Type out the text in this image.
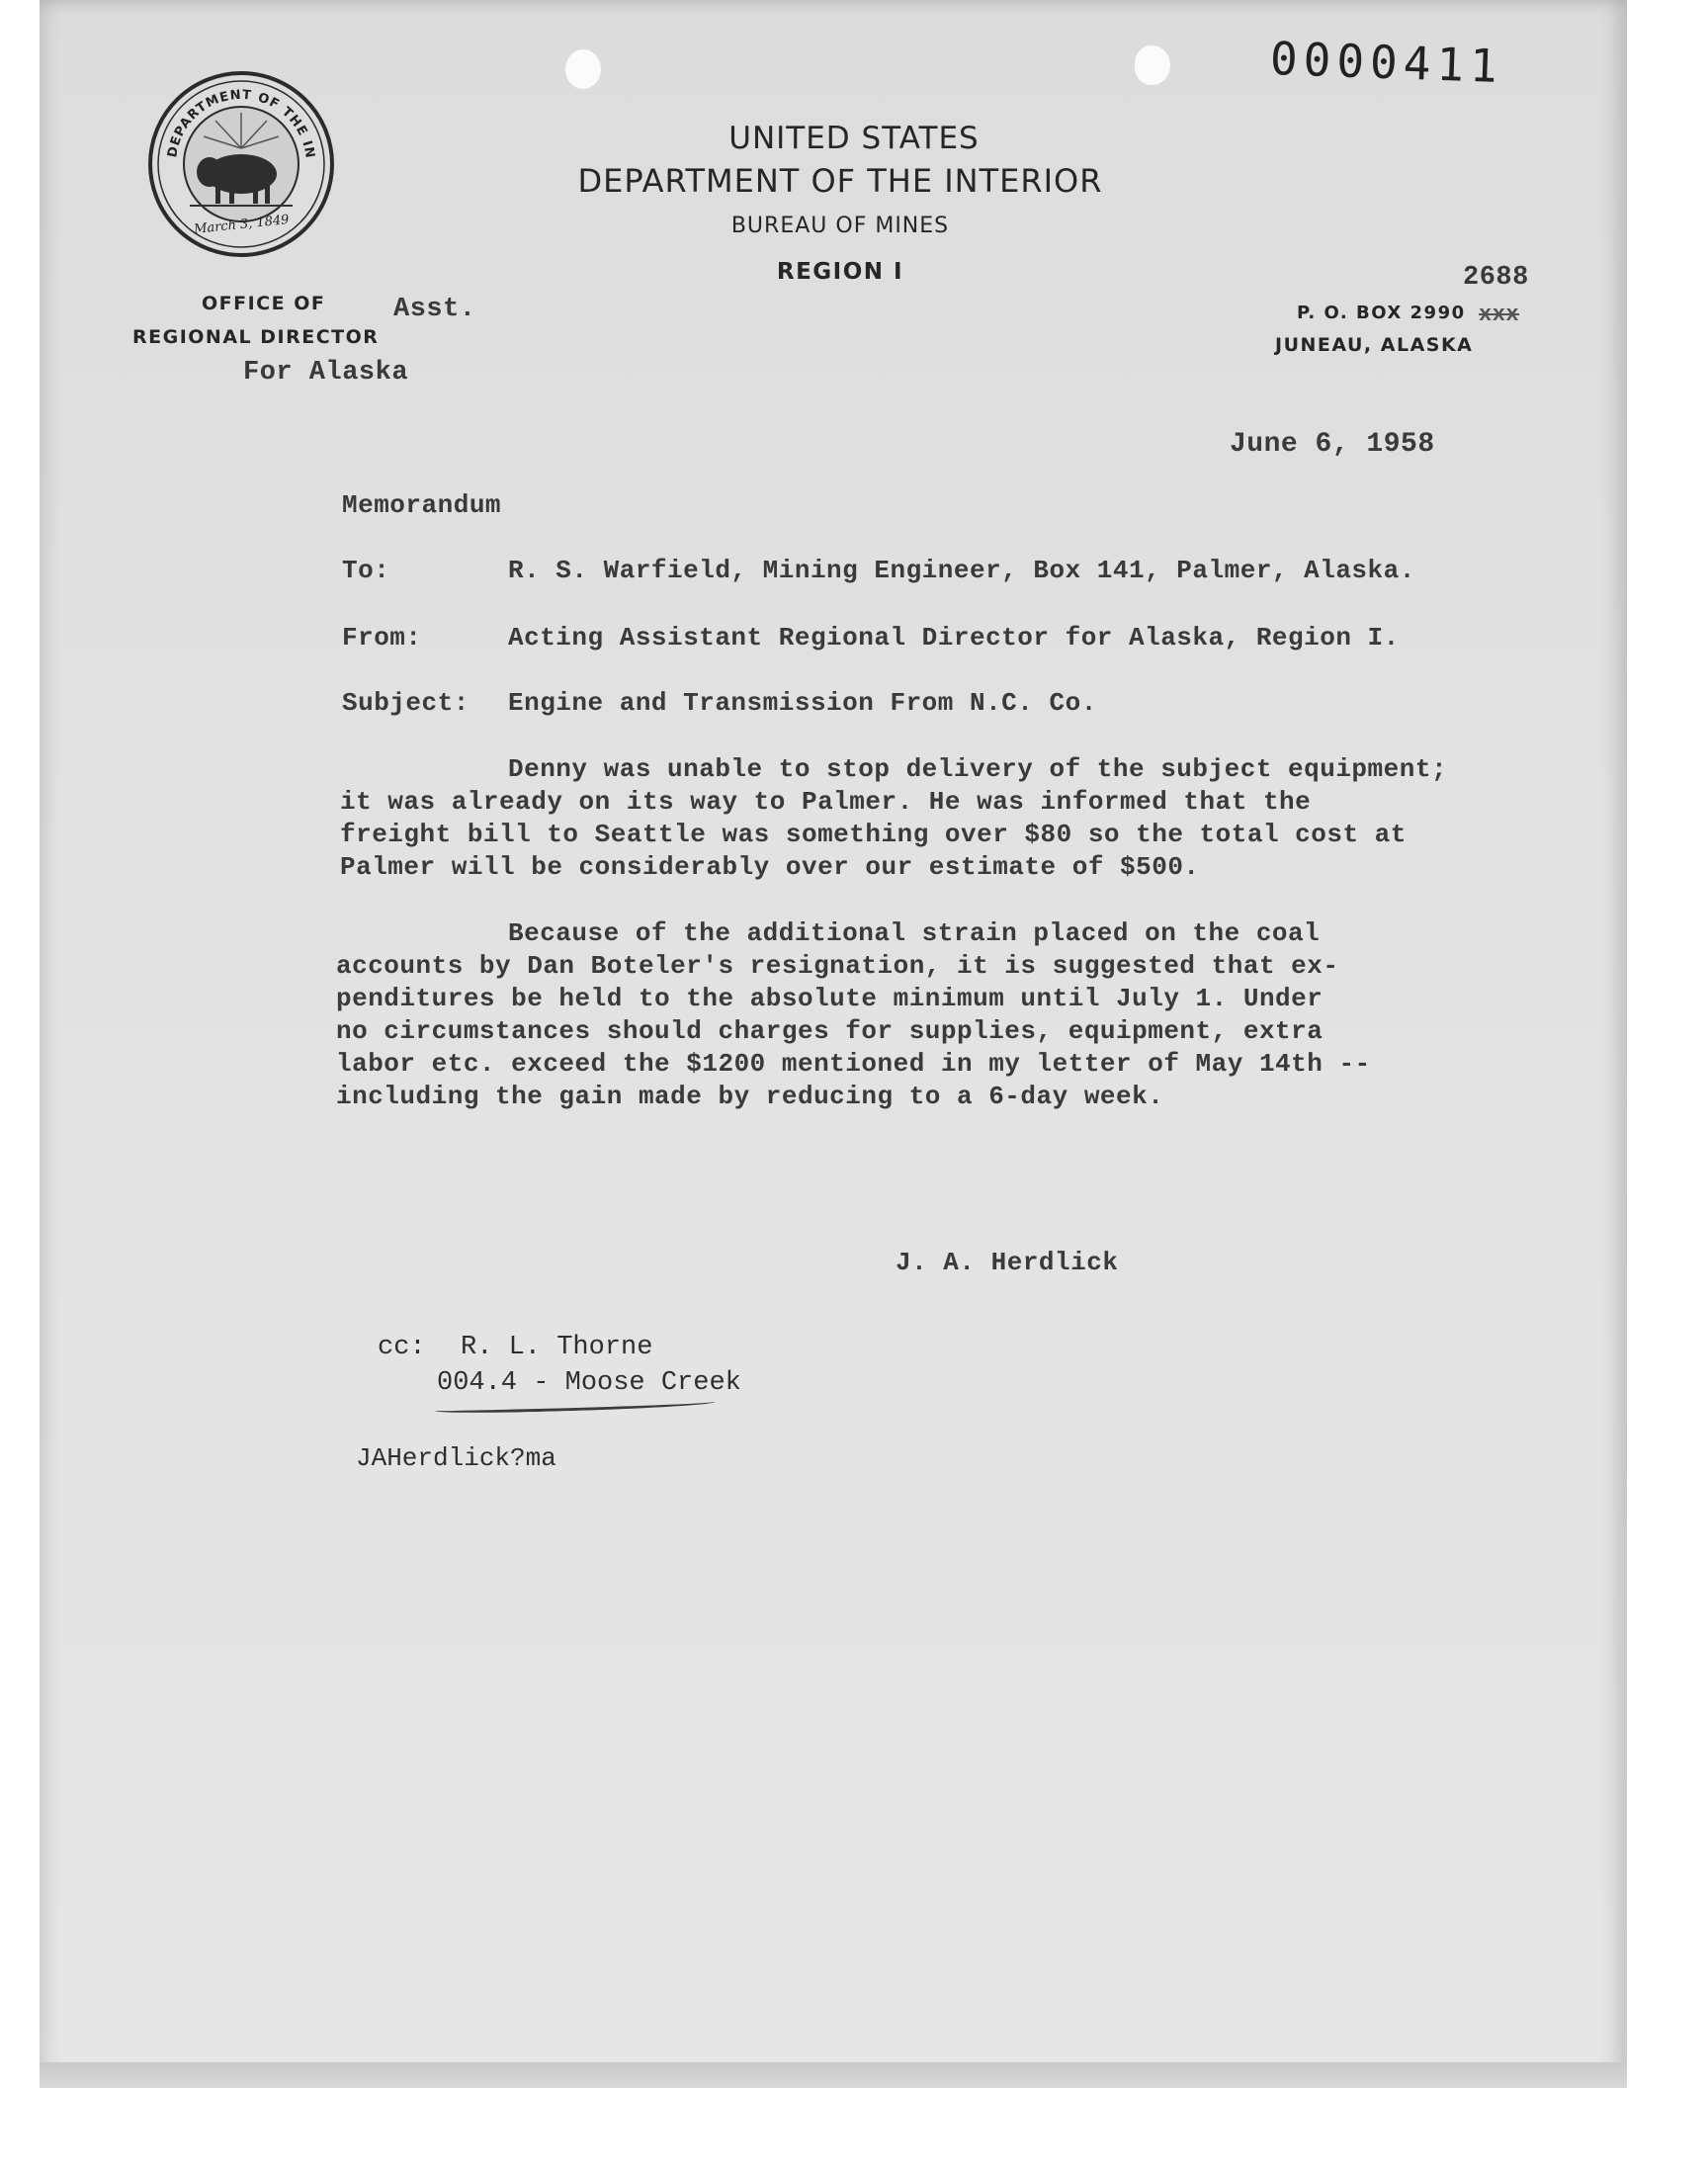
0000411
DEPARTMENT OF THE IN
March 3, 1849
UNITED STATES
DEPARTMENT OF THE INTERIOR
BUREAU OF MINES
REGION I
OFFICE OF	Asst.
REGIONAL DIRECTOR
For Alaska
2688
P. O. BOX 2990 xxx
JUNEAU, ALASKA
June 6, 1958
Memorandum
To:	R. S. Warfield, Mining Engineer, Box 141, Palmer, Alaska.
From:	Acting Assistant Regional Director for Alaska, Region I.
Subject: Engine and Transmission From N.C. Co.
Denny was unable to stop delivery of the subject equipment;
it was already on its way to Palmer. He was informed that the
freight bill to Seattle was something over $80 so the total cost at
Palmer will be considerably over our estimate of $500.
Because of the additional strain placed on the coal
accounts by Dan Boteler's resignation, it is suggested that ex-
penditures be held to the absolute minimum until July 1. Under
no circumstances should charges for supplies, equipment, extra
labor etc. exceed the $1200 mentioned in my letter of May 14th --
including the gain made by reducing to a 6-day week.
J. A. Herdlick
cc: R. L. Thorne
004.4 - Moose Creek
JAHerdlick?ma
